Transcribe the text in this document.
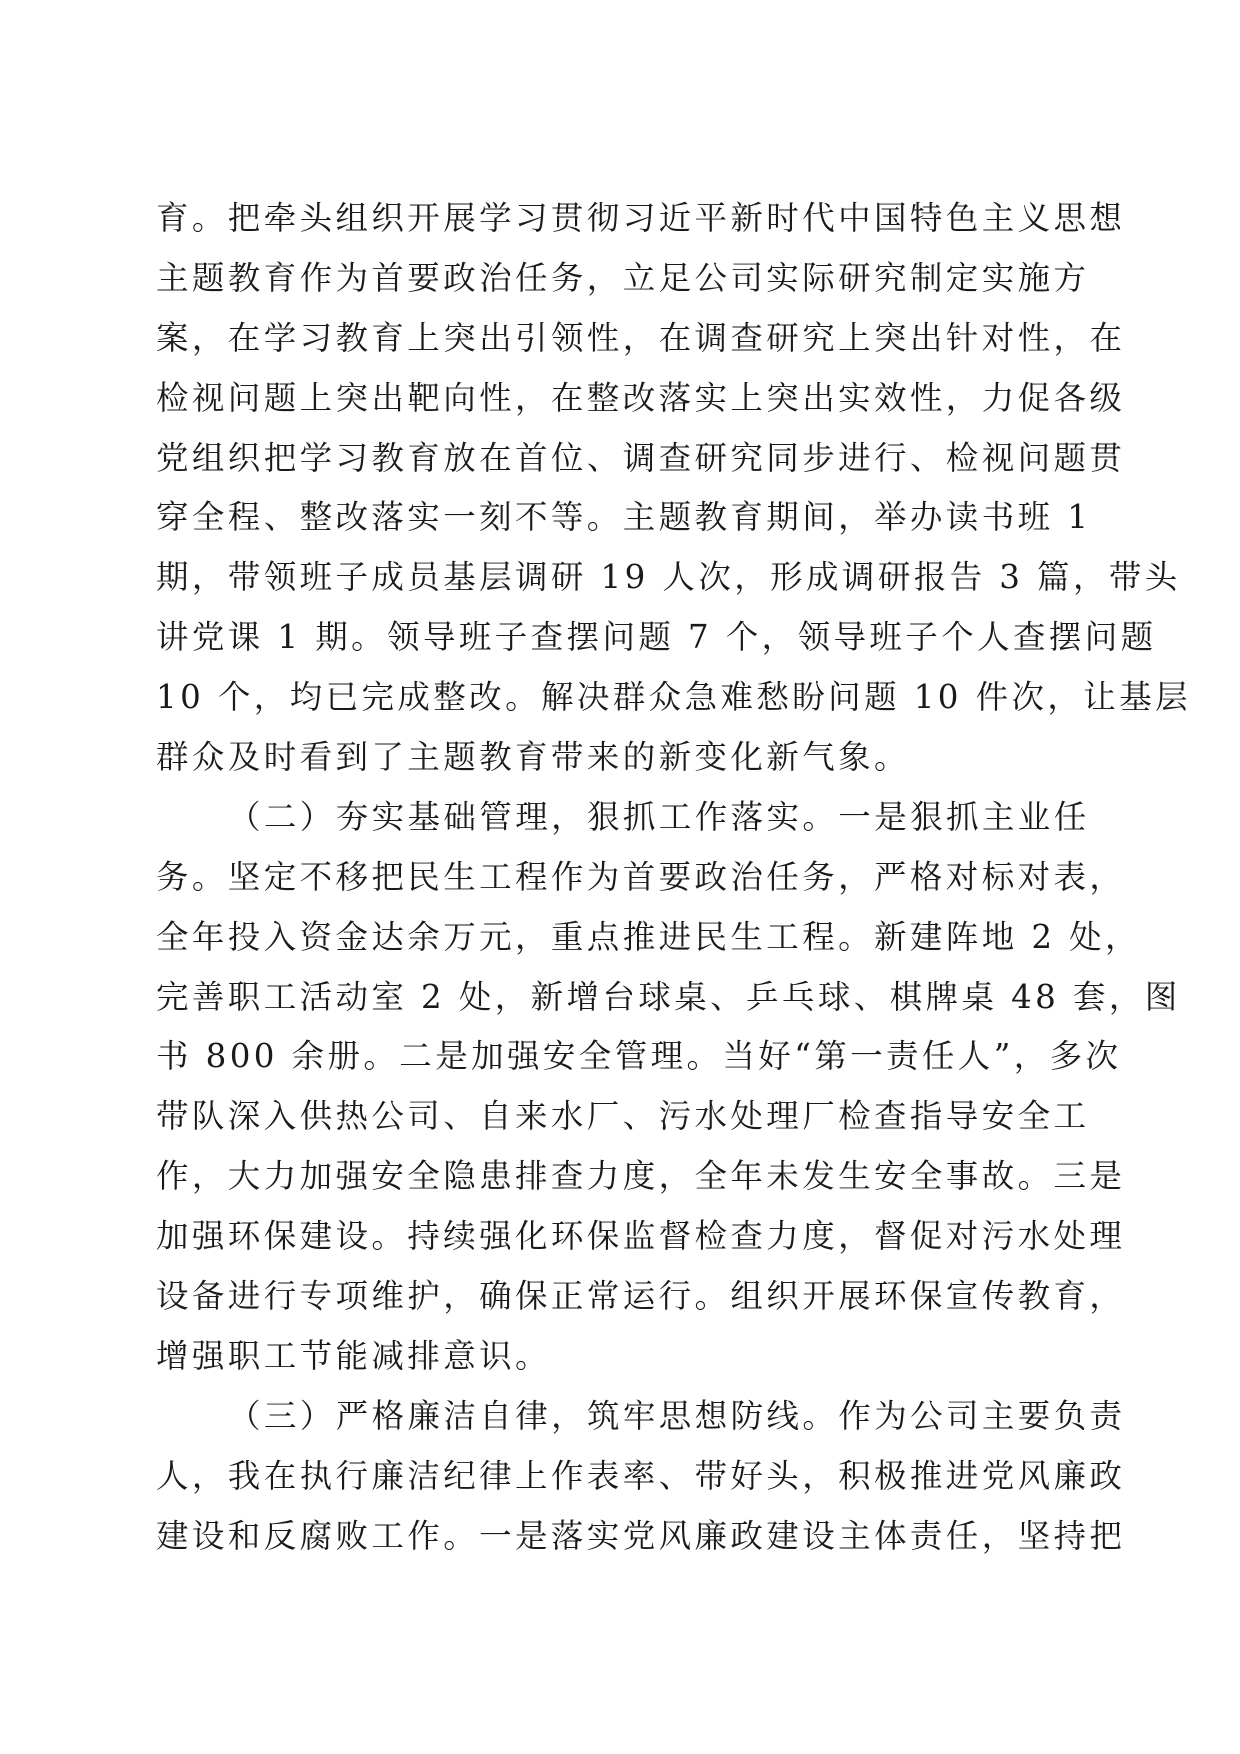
育。把牵头组织开展学习贯彻习近平新时代中国特色主义思想
主题教育作为首要政治任务，立足公司实际研究制定实施方
案，在学习教育上突出引领性，在调查研究上突出针对性，在
检视问题上突出靶向性，在整改落实上突出实效性，力促各级
党组织把学习教育放在首位、调查研究同步进行、检视问题贯
穿全程、整改落实一刻不等。主题教育期间，举办读书班 1
期，带领班子成员基层调研 19 人次，形成调研报告 3 篇，带头
讲党课 1 期。领导班子查摆问题 7 个，领导班子个人查摆问题
10 个，均已完成整改。解决群众急难愁盼问题 10 件次，让基层
群众及时看到了主题教育带来的新变化新气象。
（二）夯实基础管理，狠抓工作落实。一是狠抓主业任
务。坚定不移把民生工程作为首要政治任务，严格对标对表，
全年投入资金达余万元，重点推进民生工程。新建阵地 2 处，
完善职工活动室 2 处，新增台球桌、乒乓球、棋牌桌 48 套，图
书 800 余册。二是加强安全管理。当好“第一责任人”，多次
带队深入供热公司、自来水厂、污水处理厂检查指导安全工
作，大力加强安全隐患排查力度，全年未发生安全事故。三是
加强环保建设。持续强化环保监督检查力度，督促对污水处理
设备进行专项维护，确保正常运行。组织开展环保宣传教育，
增强职工节能减排意识。
（三）严格廉洁自律，筑牢思想防线。作为公司主要负责
人，我在执行廉洁纪律上作表率、带好头，积极推进党风廉政
建设和反腐败工作。一是落实党风廉政建设主体责任，坚持把
